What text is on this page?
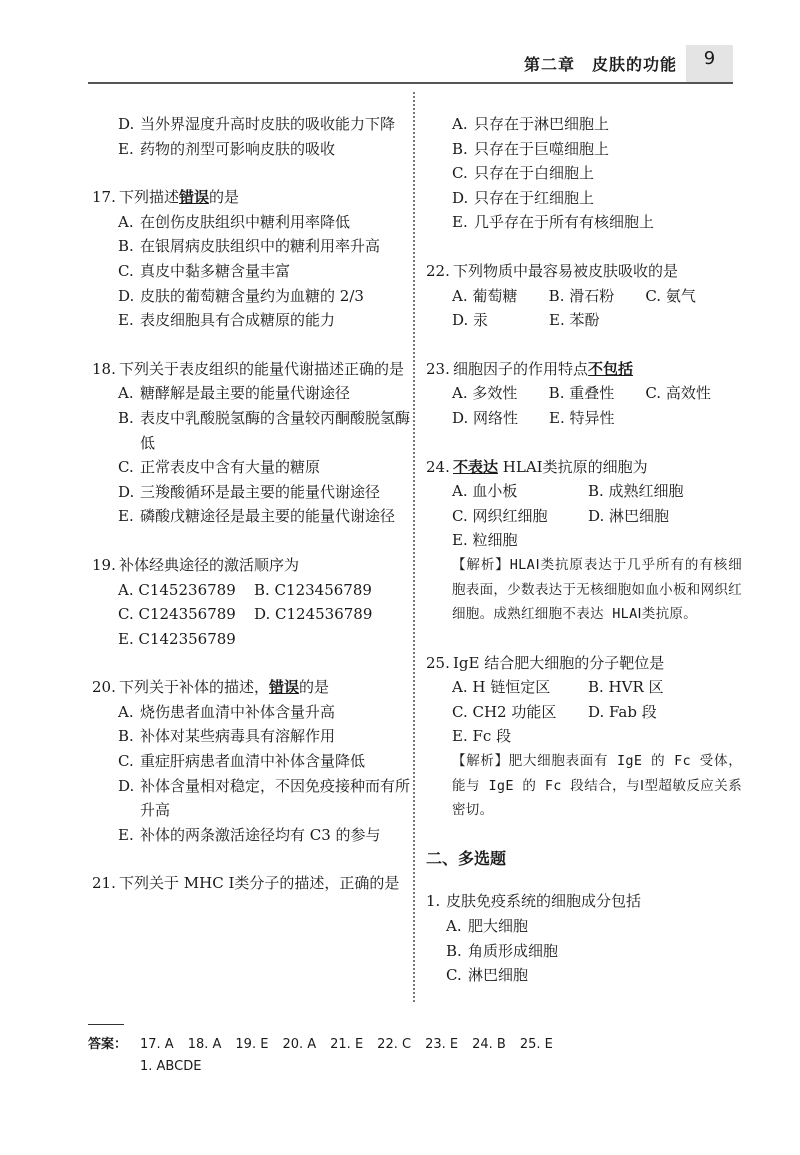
第二章　皮肤的功能	9
D. 当外界湿度升高时皮肤的吸收能力下降
E. 药物的剂型可影响皮肤的吸收
17. 下列描述错误的是
A. 在创伤皮肤组织中糖利用率降低
B. 在银屑病皮肤组织中的糖利用率升高
C. 真皮中黏多糖含量丰富
D. 皮肤的葡萄糖含量约为血糖的 2/3
E. 表皮细胞具有合成糖原的能力
18. 下列关于表皮组织的能量代谢描述正确的是
A. 糖酵解是最主要的能量代谢途径
B. 表皮中乳酸脱氢酶的含量较丙酮酸脱氢酶低
C. 正常表皮中含有大量的糖原
D. 三羧酸循环是最主要的能量代谢途径
E. 磷酸戊糖途径是最主要的能量代谢途径
19. 补体经典途径的激活顺序为
A. C145236789	B. C123456789
C. C124356789	D. C124536789
E. C142356789
20. 下列关于补体的描述，错误的是
A. 烧伤患者血清中补体含量升高
B. 补体对某些病毒具有溶解作用
C. 重症肝病患者血清中补体含量降低
D. 补体含量相对稳定，不因免疫接种而有所升高
E. 补体的两条激活途径均有 C3 的参与
21. 下列关于 MHC Ⅰ类分子的描述，正确的是
A. 只存在于淋巴细胞上
B. 只存在于巨噬细胞上
C. 只存在于白细胞上
D. 只存在于红细胞上
E. 几乎存在于所有有核细胞上
22. 下列物质中最容易被皮肤吸收的是
A. 葡萄糖	B. 滑石粉	C. 氨气
D. 汞	E. 苯酚
23. 细胞因子的作用特点不包括
A. 多效性	B. 重叠性	C. 高效性
D. 网络性	E. 特异性
24. 不表达 HLAⅠ类抗原的细胞为
A. 血小板	B. 成熟红细胞
C. 网织红细胞	D. 淋巴细胞
E. 粒细胞
【解析】HLAⅠ类抗原表达于几乎所有的有核细胞表面，少数表达于无核细胞如血小板和网织红细胞。成熟红细胞不表达 HLAⅠ类抗原。
25. IgE 结合肥大细胞的分子靶位是
A. H 链恒定区	B. HVR 区
C. CH2 功能区	D. Fab 段
E. Fc 段
【解析】肥大细胞表面有 IgE 的 Fc 受体，能与 IgE 的 Fc 段结合，与Ⅰ型超敏反应关系密切。
二、多选题
1. 皮肤免疫系统的细胞成分包括
A. 肥大细胞
B. 角质形成细胞
C. 淋巴细胞
答案： 17. A 18. A 19. E 20. A 21. E 22. C 23. E 24. B 25. E
1. ABCDE
